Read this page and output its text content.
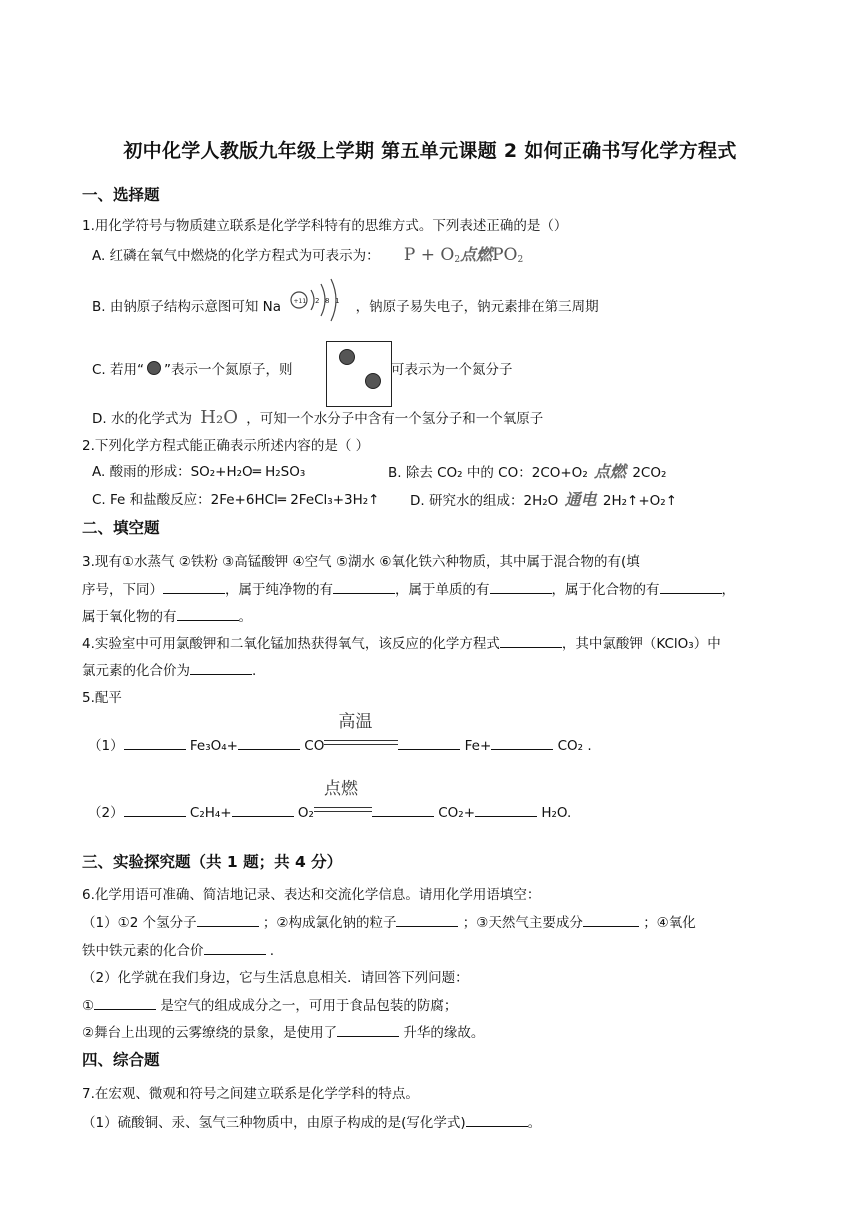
初中化学人教版九年级上学期 第五单元课题 2 如何正确书写化学方程式
一、选择题
1.用化学符号与物质建立联系是化学学科特有的思维方式。下列表述正确的是（）
A. 红磷在氧气中燃烧的化学方程式为可表示为： $P + O_2$点燃$PO_2$
B. 由钠原子结构示意图可知 Na +11 2 8 1 ，钠原子易失电子，钠元素排在第三周期
C. 若用“ ”表示一个氮原子，则	可表示为一个氮分子
D. 水的化学式为 H₂O ，可知一个水分子中含有一个氢分子和一个氧原子
2.下列化学方程式能正确表示所述内容的是（ ）
A. 酸雨的形成：SO₂+H₂O═ H₂SO₃	B. 除去 CO₂ 中的 CO：2CO+O₂ 点燃 2CO₂
C. Fe 和盐酸反应：2Fe+6HCl═ 2FeCl₃+3H₂↑ D. 研究水的组成：2H₂O 通电 2H₂↑+O₂↑
二、填空题
3.现有①水蒸气 ②铁粉 ③高锰酸钾 ④空气 ⑤湖水 ⑥氧化铁六种物质，其中属于混合物的有(填
序号，下同）	，属于纯净物的有	，属于单质的有	，属于化合物的有	，
属于氧化物的有	。
4.实验室中可用氯酸钾和二氧化锰加热获得氧气，该反应的化学方程式	，其中氯酸钾（KClO₃）中
氯元素的化合价为	.
5.配平
（1）	Fe₃O₄+	CO
高温
Fe+	CO₂ .
（2）	C₂H₄+	O₂
点燃
CO₂+	H₂O.
三、实验探究题（共 1 题；共 4 分）
6.化学用语可准确、简洁地记录、表达和交流化学信息。请用化学用语填空：
（1）①2 个氢分子	；②构成氯化钠的粒子	；③天然气主要成分	；④氧化
铁中铁元素的化合价	.
（2）化学就在我们身边，它与生活息息相关．请回答下列问题：
①	是空气的组成成分之一，可用于食品包装的防腐；
②舞台上出现的云雾缭绕的景象，是使用了	升华的缘故。
四、综合题
7.在宏观、微观和符号之间建立联系是化学学科的特点。
（1）硫酸铜、汞、氢气三种物质中，由原子构成的是(写化学式)	。
